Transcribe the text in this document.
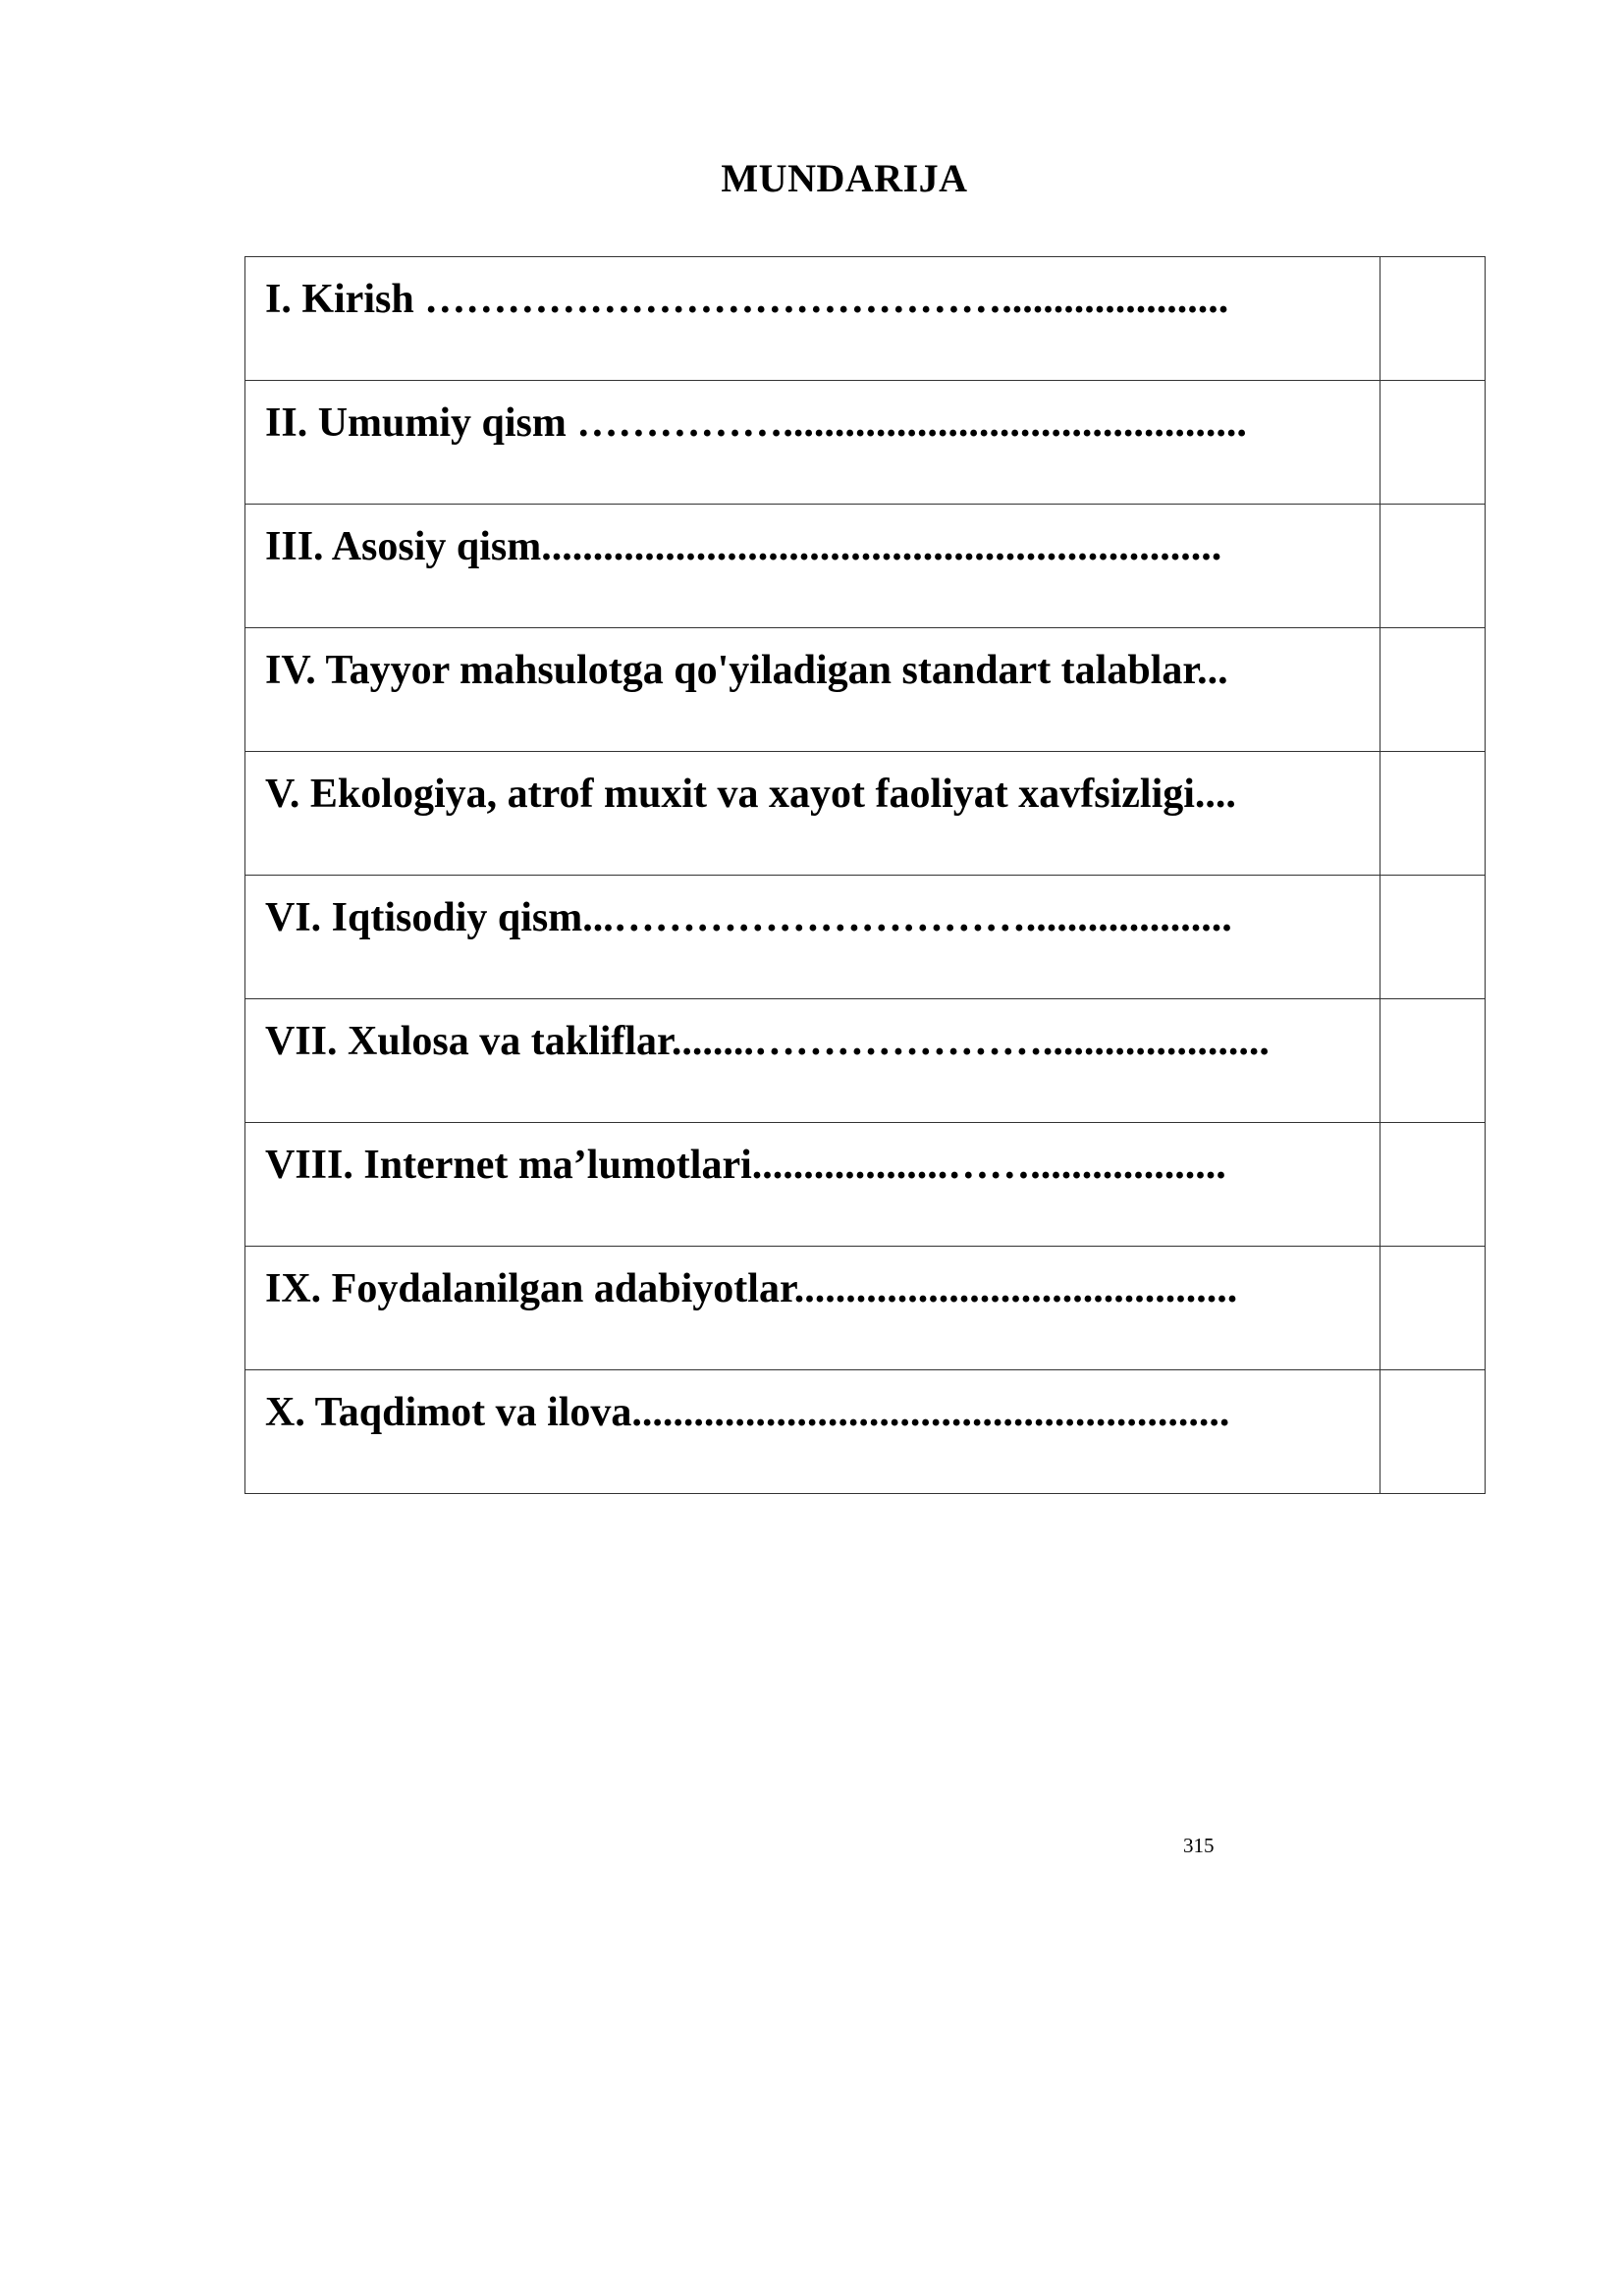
MUNDARIJA
I. Kirish ……………………………………......................	

II. Umumiy qism …………….............................................	

III. Asosiy qism..................................................................	

IV. Tayyor mahsulotga qo'yiladigan standart talablar...	

V. Ekologiya, atrof muxit va xayot faoliyat xavfsizligi....	

VI. Iqtisodiy qism...…………………………....................	

VII. Xulosa va takliflar........…………………......................	

VIII. Internet ma’lumotlari...................……...................	

IX. Foydalanilgan adabiyotlar...........................................	

X. Taqdimot va ilova..........................................................	

315
